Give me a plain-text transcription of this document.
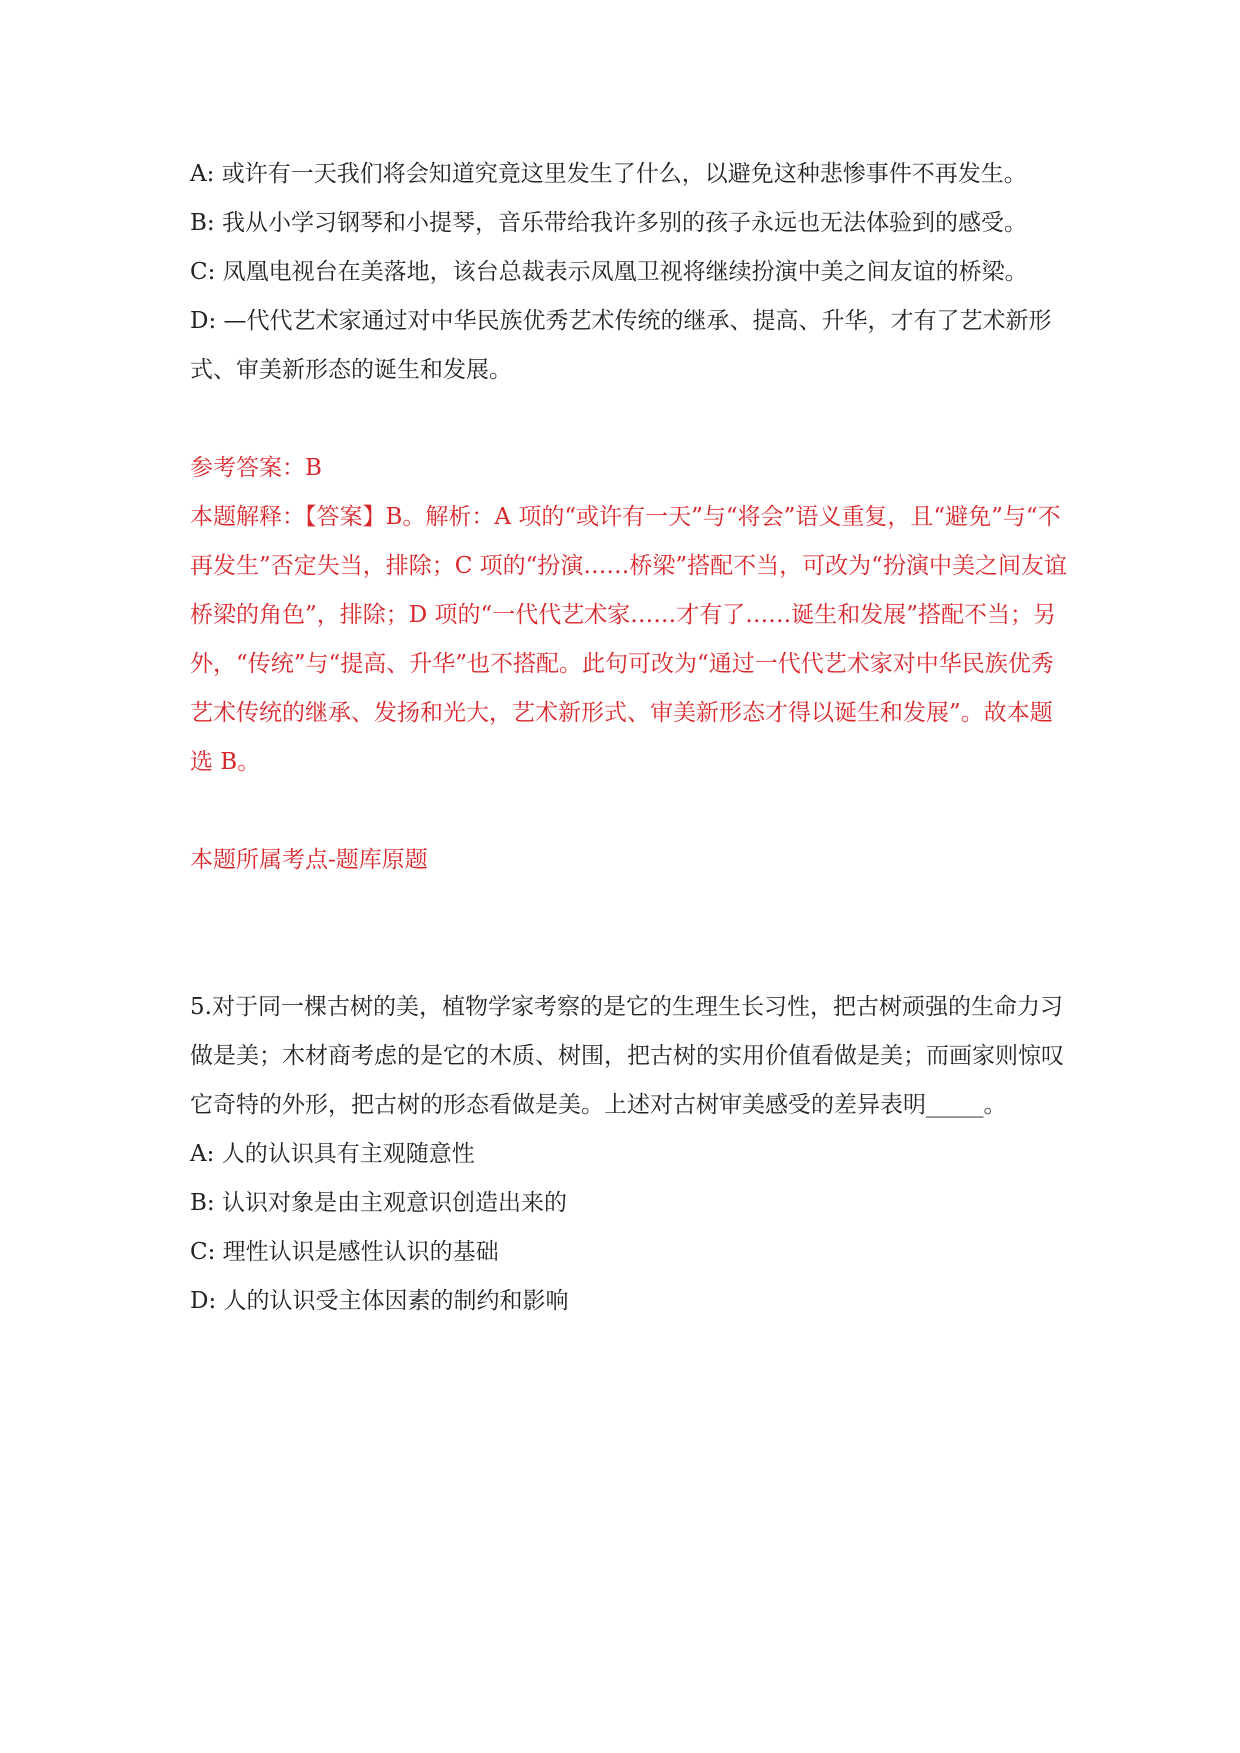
A: 或许有一天我们将会知道究竟这里发生了什么，以避免这种悲惨事件不再发生。

B: 我从小学习钢琴和小提琴，音乐带给我许多别的孩子永远也无法体验到的感受。

C: 凤凰电视台在美落地，该台总裁表示凤凰卫视将继续扮演中美之间友谊的桥梁。

D: —代代艺术家通过对中华民族优秀艺术传统的继承、提高、升华，才有了艺术新形式、审美新形态的诞生和发展。

参考答案：B

本题解释：【答案】B。解析：A 项的“或许有一天”与“将会”语义重复，且“避免”与“不再发生”否定失当，排除；C 项的“扮演……桥梁”搭配不当，可改为“扮演中美之间友谊桥梁的角色”，排除；D 项的“一代代艺术家……才有了……诞生和发展”搭配不当；另外，“传统”与“提高、升华”也不搭配。此句可改为“通过一代代艺术家对中华民族优秀艺术传统的继承、发扬和光大，艺术新形式、审美新形态才得以诞生和发展”。故本题选 B。

本题所属考点-题库原题

5.对于同一棵古树的美，植物学家考察的是它的生理生长习性，把古树顽强的生命力习做是美；木材商考虑的是它的木质、树围，把古树的实用价值看做是美；而画家则惊叹它奇特的外形，把古树的形态看做是美。上述对古树审美感受的差异表明_____。

A: 人的认识具有主观随意性

B: 认识对象是由主观意识创造出来的

C: 理性认识是感性认识的基础

D: 人的认识受主体因素的制约和影响
